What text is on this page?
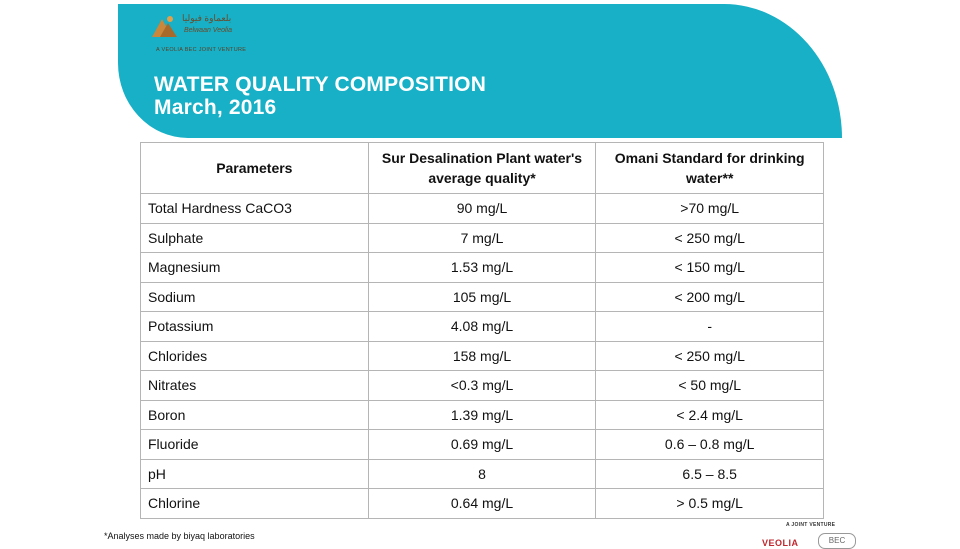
بلعماوة فيوليا
Belwaan Veolia
A VEOLIA BEC JOINT VENTURE
WATER QUALITY COMPOSITION
March, 2016
Parameters	Sur Desalination Plant water's average quality*	Omani Standard for drinking water**
Total Hardness CaCO3	90 mg/L	>70 mg/L
Sulphate	7 mg/L	< 250 mg/L
Magnesium	1.53 mg/L	< 150 mg/L
Sodium	105 mg/L	< 200 mg/L
Potassium	4.08 mg/L	-
Chlorides	158 mg/L	< 250 mg/L
Nitrates	<0.3 mg/L	< 50 mg/L
Boron	1.39 mg/L	< 2.4 mg/L
Fluoride	0.69 mg/L	0.6 – 0.8 mg/L
pH	8	6.5 – 8.5
Chlorine	0.64 mg/L	> 0.5 mg/L
*Analyses made by biyaq laboratories
A JOINT VENTURE
VEOLIA	BEC
